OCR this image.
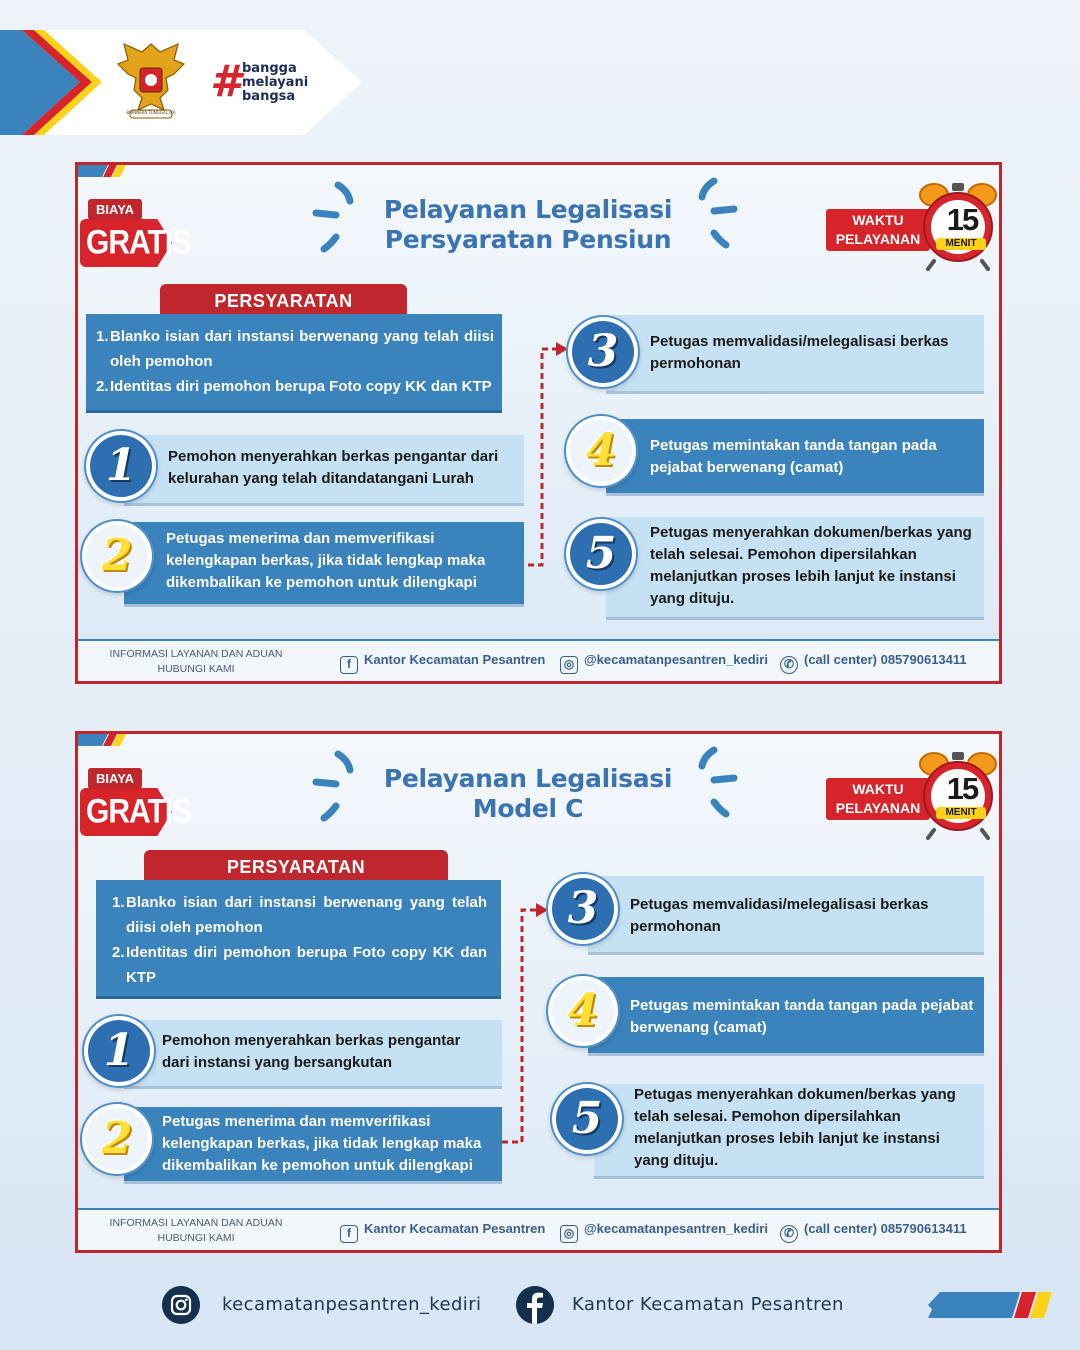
BHINNEKA TUNGGAL IKA
# bangga
melayani
bangsa
BIAYA
GRATIS
Pelayanan Legalisasi
Persyaratan Pensiun
WAKTU
PELAYANAN
15
MENIT
PERSYARATAN
1. Blanko isian dari instansi berwenang yang telah diisi oleh pemohon
2. Identitas diri pemohon berupa Foto copy KK dan KTP
Pemohon menyerahkan berkas pengantar dari kelurahan yang telah ditandatangani Lurah
1
Petugas menerima dan memverifikasi kelengkapan berkas, jika tidak lengkap maka dikembalikan ke pemohon untuk dilengkapi
2
Petugas memvalidasi/melegalisasi berkas permohonan
3
Petugas memintakan tanda tangan pada pejabat berwenang (camat)
4
Petugas menyerahkan dokumen/berkas yang telah selesai. Pemohon dipersilahkan melanjutkan proses lebih lanjut ke instansi yang dituju.
5
INFORMASI LAYANAN DAN ADUAN
HUBUNGI KAMI	f Kantor Kecamatan Pesantren	◎ @kecamatanpesantren_kediri	✆ (call center) 085790613411
BIAYA
GRATIS
Pelayanan Legalisasi
Model C
WAKTU
PELAYANAN
15
MENIT
PERSYARATAN
1. Blanko isian dari instansi berwenang yang telah diisi oleh pemohon
2. Identitas diri pemohon berupa Foto copy KK dan KTP
Pemohon menyerahkan berkas pengantar dari instansi yang bersangkutan
1
Petugas menerima dan memverifikasi kelengkapan berkas, jika tidak lengkap maka dikembalikan ke pemohon untuk dilengkapi
2
Petugas memvalidasi/melegalisasi berkas permohonan
3
Petugas memintakan tanda tangan pada pejabat berwenang (camat)
4
Petugas menyerahkan dokumen/berkas yang telah selesai. Pemohon dipersilahkan melanjutkan proses lebih lanjut ke instansi yang dituju.
5
INFORMASI LAYANAN DAN ADUAN
HUBUNGI KAMI	f Kantor Kecamatan Pesantren	◎ @kecamatanpesantren_kediri	✆ (call center) 085790613411
kecamatanpesantren_kediri	Kantor Kecamatan Pesantren
